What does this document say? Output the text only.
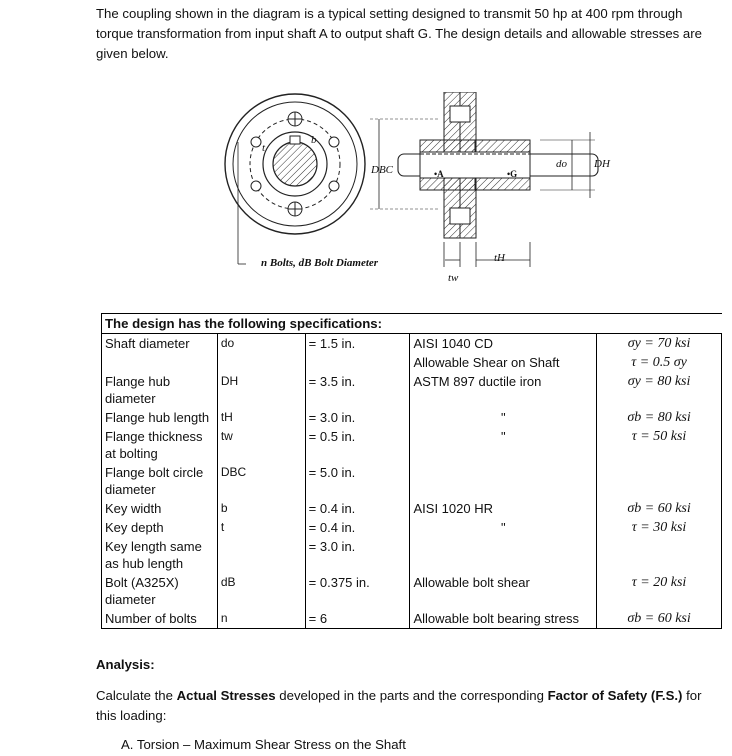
The coupling shown in the diagram is a typical setting designed to transmit 50 hp at 400 rpm through torque transformation from input shaft A to output shaft G. The design details and allowable stresses are given below.
n Bolts, dB Bolt Diameter
DBC	do DH
•A	•G
tw
tH
t
b
The design has the following specifications:				
Shaft diameter	do	= 1.5 in.	AISI 1040 CD	σy = 70 ksi
			Allowable Shear on Shaft	τ = 0.5 σy
Flange hub diameter	DH	= 3.5 in.	ASTM 897 ductile iron	σy = 80 ksi
Flange hub length	tH	= 3.0 in.	"	σb = 80 ksi
Flange thickness at bolting	tw	= 0.5 in.	"	τ = 50 ksi
Flange bolt circle diameter	DBC	= 5.0 in.		
Key width	b	= 0.4 in.	AISI 1020 HR	σb = 60 ksi
Key depth	t	= 0.4 in.	"	τ = 30 ksi
Key length same as hub length		= 3.0 in.		
Bolt (A325X) diameter	dB	= 0.375 in.	Allowable bolt shear	τ = 20 ksi
Number of bolts	n	= 6	Allowable bolt bearing stress	σb = 60 ksi
Analysis:
Calculate the Actual Stresses developed in the parts and the corresponding Factor of Safety (F.S.) for this loading:
A. Torsion – Maximum Shear Stress on the Shaft
